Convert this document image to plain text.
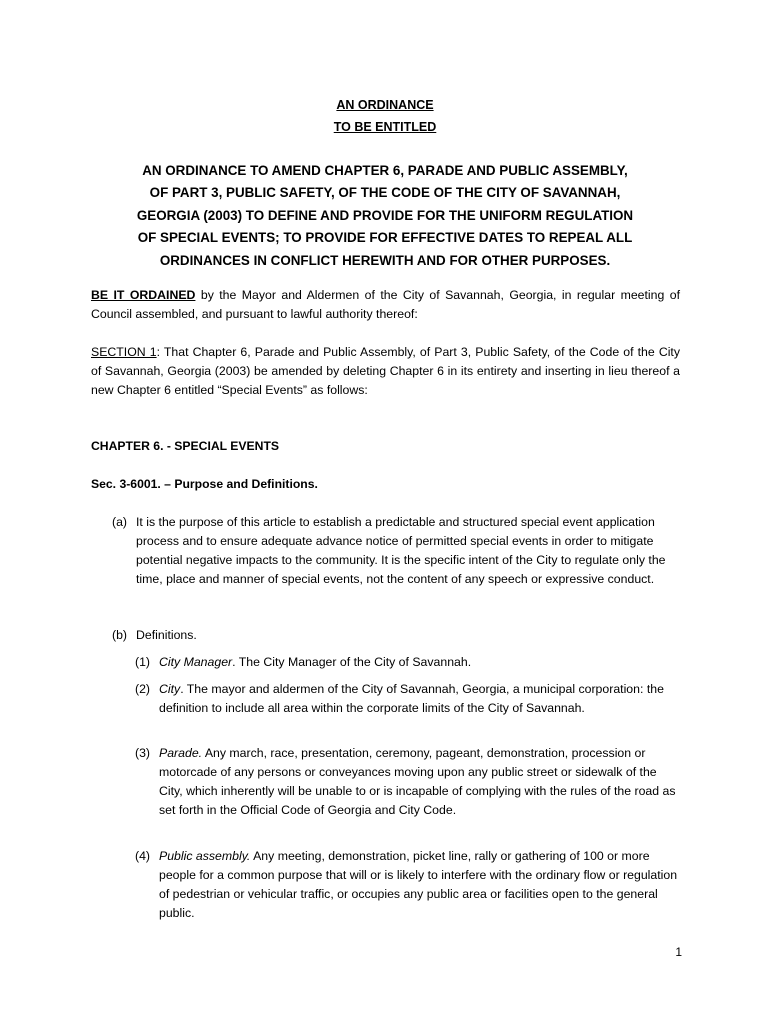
AN ORDINANCE
TO BE ENTITLED
AN ORDINANCE TO AMEND CHAPTER 6, PARADE AND PUBLIC ASSEMBLY,
OF PART 3, PUBLIC SAFETY, OF THE CODE OF THE CITY OF SAVANNAH,
GEORGIA (2003) TO DEFINE AND PROVIDE FOR THE UNIFORM REGULATION
OF SPECIAL EVENTS; TO PROVIDE FOR EFFECTIVE DATES TO REPEAL ALL
ORDINANCES IN CONFLICT HEREWITH AND FOR OTHER PURPOSES.
BE IT ORDAINED by the Mayor and Aldermen of the City of Savannah, Georgia, in regular meeting of Council assembled, and pursuant to lawful authority thereof:
SECTION 1: That Chapter 6, Parade and Public Assembly, of Part 3, Public Safety, of the Code of the City of Savannah, Georgia (2003) be amended by deleting Chapter 6 in its entirety and inserting in lieu thereof a new Chapter 6 entitled “Special Events” as follows:
CHAPTER 6. - SPECIAL EVENTS
Sec. 3-6001. – Purpose and Definitions.
(a) It is the purpose of this article to establish a predictable and structured special event application process and to ensure adequate advance notice of permitted special events in order to mitigate potential negative impacts to the community. It is the specific intent of the City to regulate only the time, place and manner of special events, not the content of any speech or expressive conduct.
(b) Definitions.
(1) City Manager. The City Manager of the City of Savannah.
(2) City. The mayor and aldermen of the City of Savannah, Georgia, a municipal corporation: the definition to include all area within the corporate limits of the City of Savannah.
(3) Parade. Any march, race, presentation, ceremony, pageant, demonstration, procession or motorcade of any persons or conveyances moving upon any public street or sidewalk of the City, which inherently will be unable to or is incapable of complying with the rules of the road as set forth in the Official Code of Georgia and City Code.
(4) Public assembly. Any meeting, demonstration, picket line, rally or gathering of 100 or more people for a common purpose that will or is likely to interfere with the ordinary flow or regulation of pedestrian or vehicular traffic, or occupies any public area or facilities open to the general public.
1
